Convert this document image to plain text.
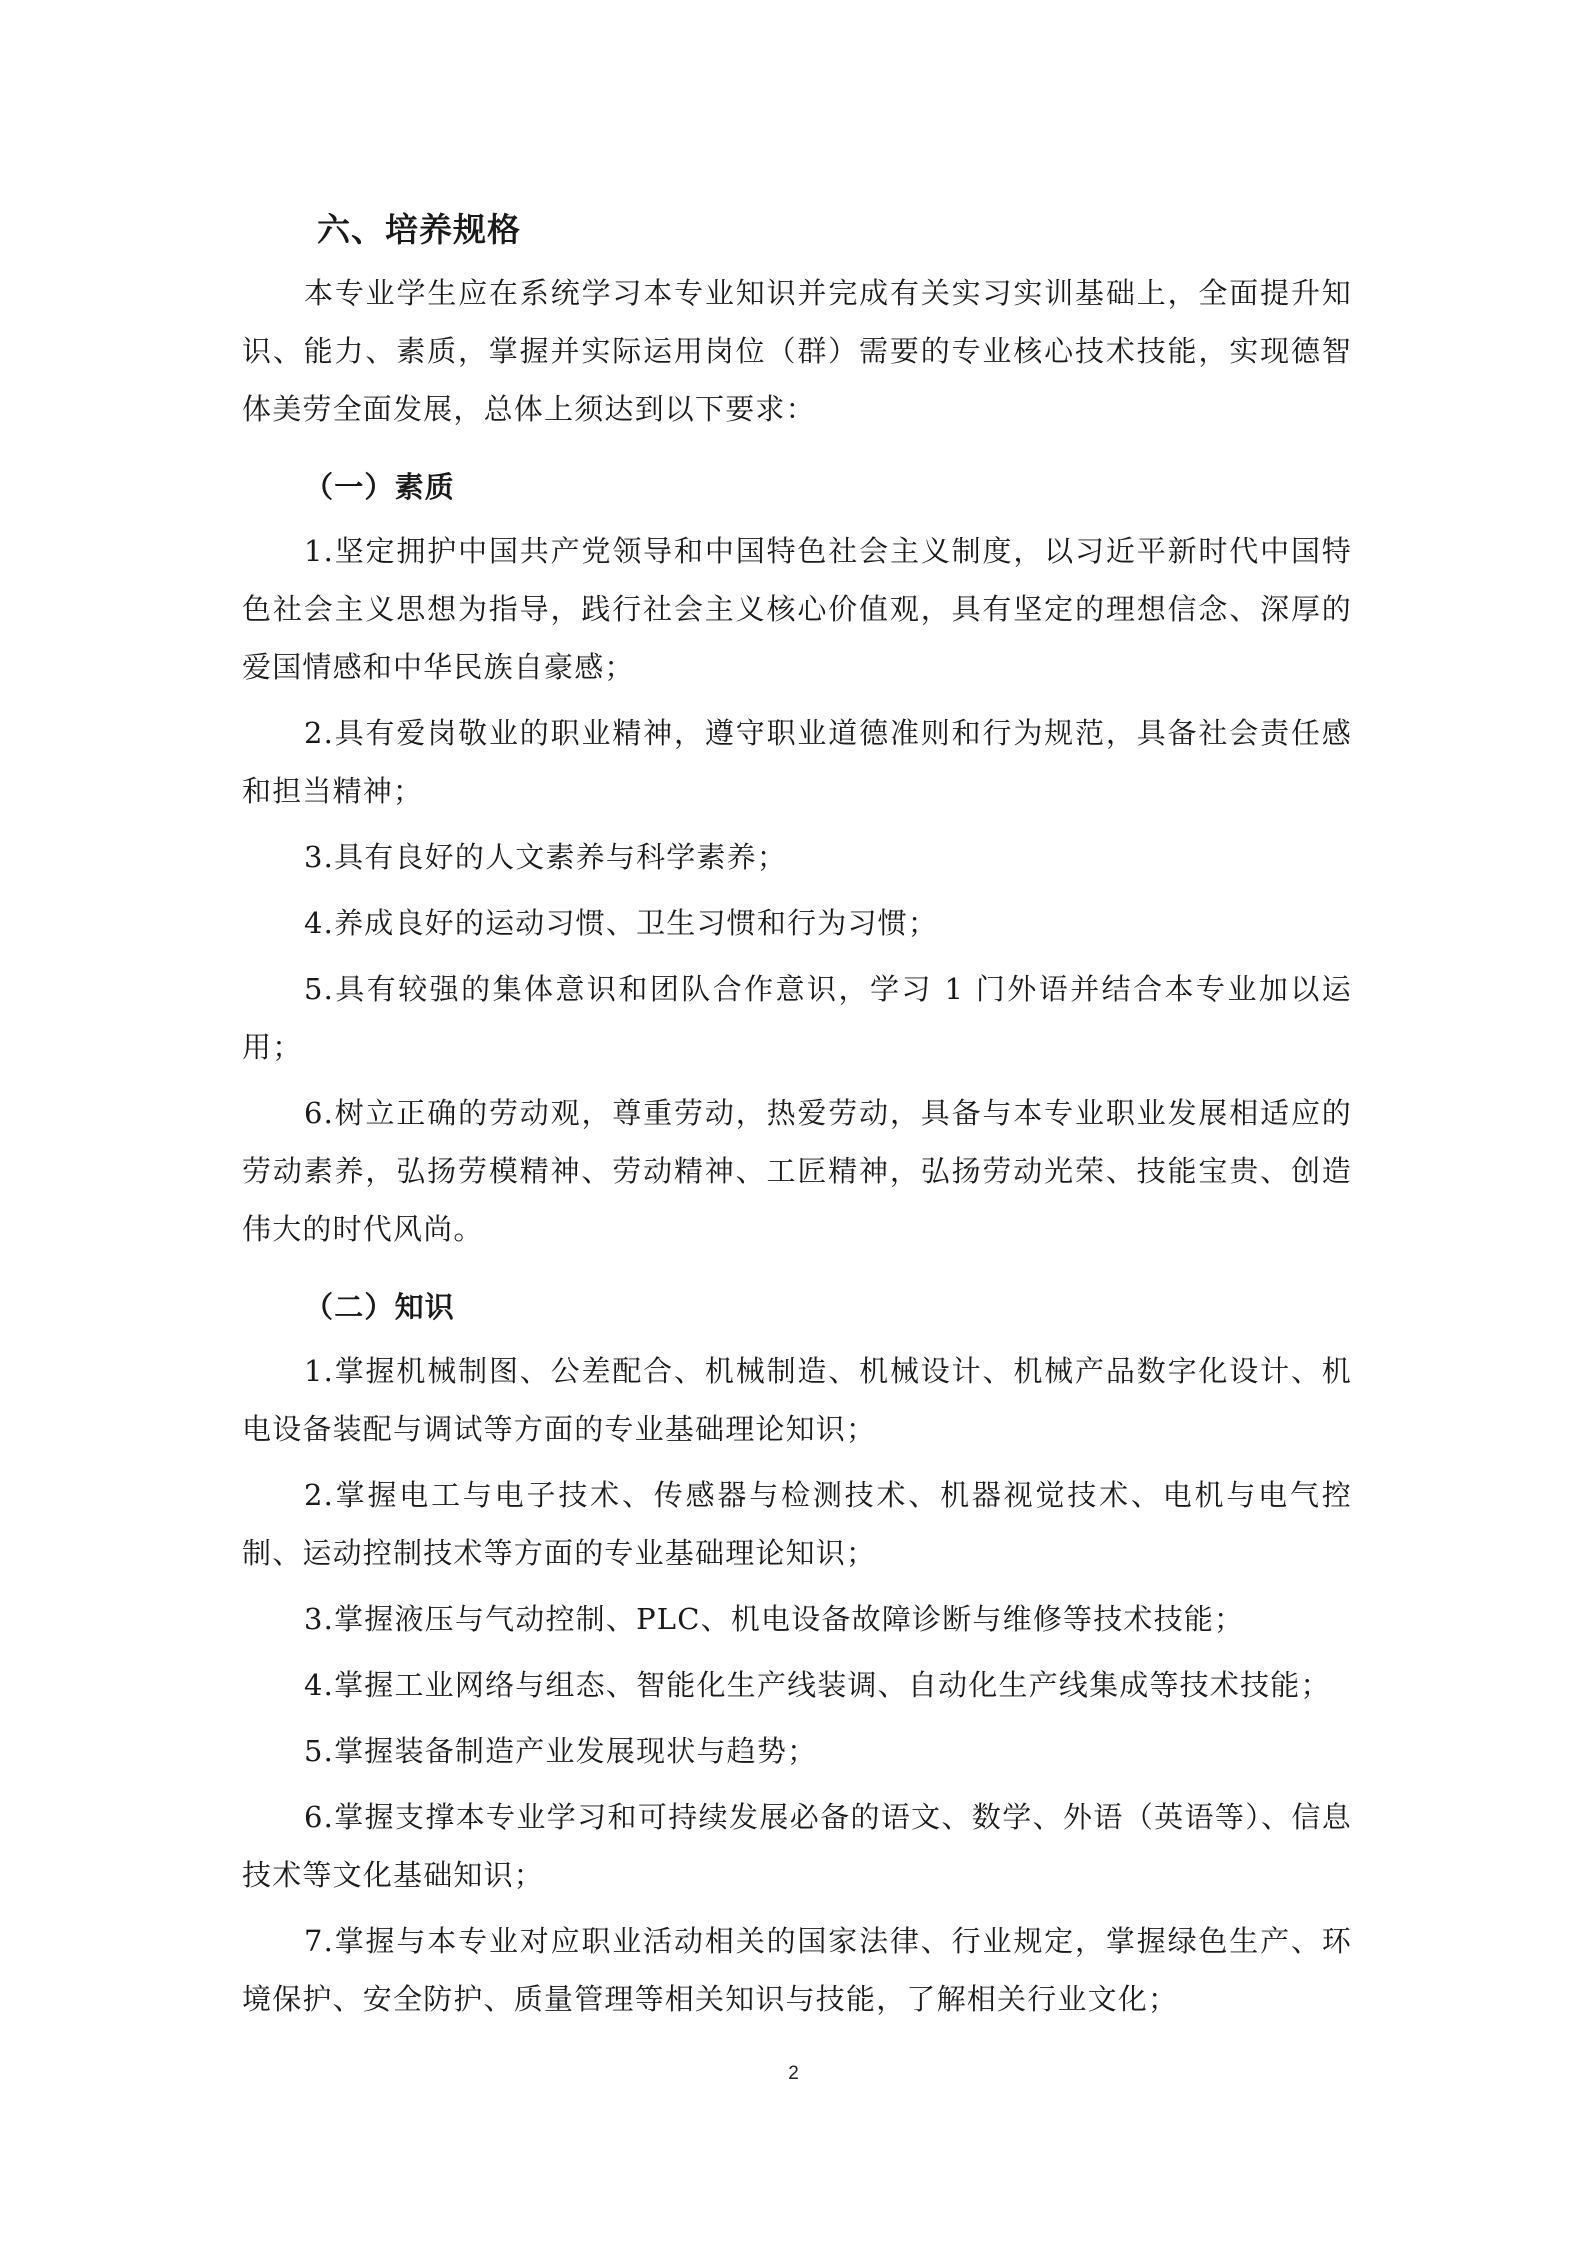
六、培养规格

本专业学生应在系统学习本专业知识并完成有关实习实训基础上，全面提升知识、能力、素质，掌握并实际运用岗位（群）需要的专业核心技术技能，实现德智体美劳全面发展，总体上须达到以下要求：

（一）素质

1.坚定拥护中国共产党领导和中国特色社会主义制度，以习近平新时代中国特色社会主义思想为指导，践行社会主义核心价值观，具有坚定的理想信念、深厚的爱国情感和中华民族自豪感；

2.具有爱岗敬业的职业精神，遵守职业道德准则和行为规范，具备社会责任感和担当精神；

3.具有良好的人文素养与科学素养；

4.养成良好的运动习惯、卫生习惯和行为习惯；

5.具有较强的集体意识和团队合作意识，学习 1 门外语并结合本专业加以运用；

6.树立正确的劳动观，尊重劳动，热爱劳动，具备与本专业职业发展相适应的劳动素养，弘扬劳模精神、劳动精神、工匠精神，弘扬劳动光荣、技能宝贵、创造伟大的时代风尚。

（二）知识

1.掌握机械制图、公差配合、机械制造、机械设计、机械产品数字化设计、机电设备装配与调试等方面的专业基础理论知识；

2.掌握电工与电子技术、传感器与检测技术、机器视觉技术、电机与电气控制、运动控制技术等方面的专业基础理论知识；

3.掌握液压与气动控制、PLC、机电设备故障诊断与维修等技术技能；

4.掌握工业网络与组态、智能化生产线装调、自动化生产线集成等技术技能；

5.掌握装备制造产业发展现状与趋势；

6.掌握支撑本专业学习和可持续发展必备的语文、数学、外语（英语等）、信息技术等文化基础知识；

7.掌握与本专业对应职业活动相关的国家法律、行业规定，掌握绿色生产、环境保护、安全防护、质量管理等相关知识与技能，了解相关行业文化；

2
